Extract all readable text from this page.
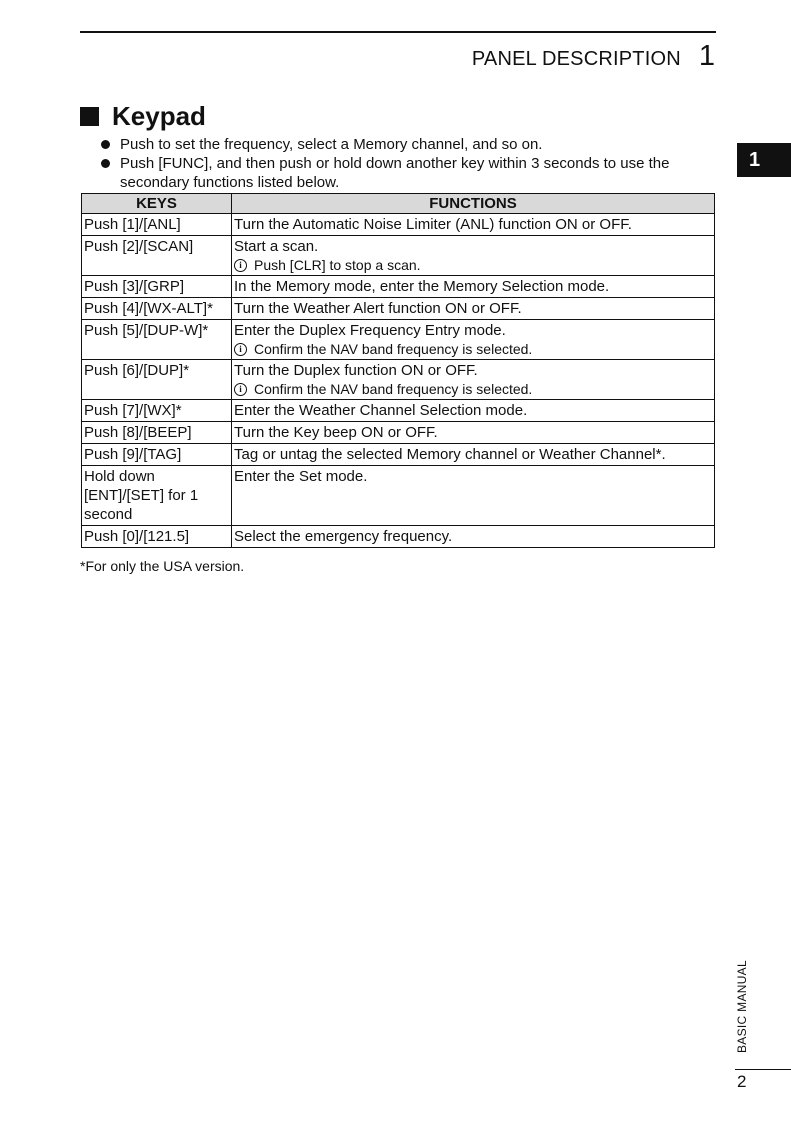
PANEL DESCRIPTION 1
1
Keypad
Push to set the frequency, select a Memory channel, and so on.
Push [FUNC], and then push or hold down another key within 3 seconds to use the secondary functions listed below.
KEYS	FUNCTIONS
Push [1]/[ANL]	Turn the Automatic Noise Limiter (ANL) function ON or OFF.

Push [2]/[SCAN]	Start a scan.
i Push [CLR] to stop a scan.

Push [3]/[GRP]	In the Memory mode, enter the Memory Selection mode.

Push [4]/[WX-ALT]*	Turn the Weather Alert function ON or OFF.

Push [5]/[DUP-W]*	Enter the Duplex Frequency Entry mode.
i Confirm the NAV band frequency is selected.

Push [6]/[DUP]*	Turn the Duplex function ON or OFF.
i Confirm the NAV band frequency is selected.

Push [7]/[WX]*	Enter the Weather Channel Selection mode.

Push [8]/[BEEP]	Turn the Key beep ON or OFF.

Push [9]/[TAG]	Tag or untag the selected Memory channel or Weather Channel*.

Hold down [ENT]/[SET] for 1 second	Enter the Set mode.

Push [0]/[121.5]	Select the emergency frequency.
*For only the USA version.
BASIC MANUAL
2
